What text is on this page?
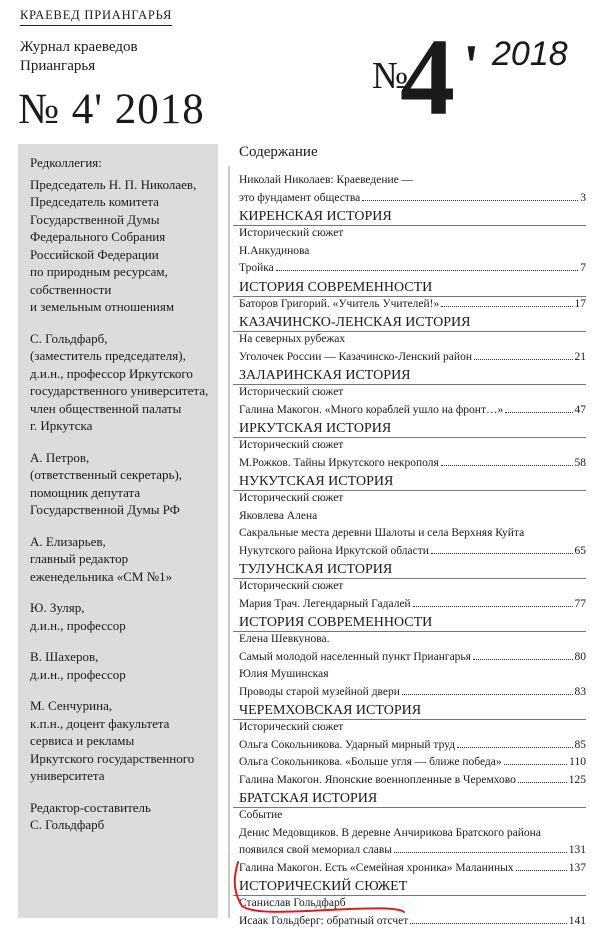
КРАЕВЕД ПРИАНГАРЬЯ
Журнал краеведов
Приангарья
№ 4' 2018
№
4 ' 2018
Редколлегия:
Председатель Н. П. Николаев,
Председатель комитета
Государственной Думы
Федерального Собрания
Российской Федерации
по природным ресурсам,
собственности
и земельным отношениям
С. Гольдфарб,
(заместитель председателя),
д.и.н., профессор Иркутского
государственного университета,
член общественной палаты
г. Иркутска
А. Петров,
(ответственный секретарь),
помощник депутата
Государственной Думы РФ
А. Елизарьев,
главный редактор
еженедельника «СМ №1»
Ю. Зуляр,
д.и.н., профессор
В. Шахеров,
д.и.н., профессор
М. Сенчурина,
к.п.н., доцент факультета
сервиса и рекламы
Иркутского государственного
университета
Редактор-составитель
С. Гольдфарб
Содержание
Николай Николаев: Краеведение —
это фундамент общества	3
КИРЕНСКАЯ ИСТОРИЯ
Исторический сюжет
Н.Анкудинова
Тройка	7
ИСТОРИЯ СОВРЕМЕННОСТИ
Баторов Григорий. «Учитель Учителей!»	17
КАЗАЧИНСКО-ЛЕНСКАЯ ИСТОРИЯ
На северных рубежах
Уголочек России — Казачинско-Ленский район	21
ЗАЛАРИНСКАЯ ИСТОРИЯ
Исторический сюжет
Галина Макогон. «Много кораблей ушло на фронт…»	47
ИРКУТСКАЯ ИСТОРИЯ
Исторический сюжет
М.Рожков. Тайны Иркутского некрополя	58
НУКУТСКАЯ ИСТОРИЯ
Исторический сюжет
Яковлева Алена
Сакральные места деревни Шалоты и села Верхняя Куйта
Нукутского района Иркутской области	65
ТУЛУНСКАЯ ИСТОРИЯ
Исторический сюжет
Мария Трач. Легендарный Гадалей	77
ИСТОРИЯ СОВРЕМЕННОСТИ
Елена Шевкунова.
Самый молодой населенный пункт Приангарья	80
Юлия Мушинская
Проводы старой музейной двери	83
ЧЕРЕМХОВСКАЯ ИСТОРИЯ
Исторический сюжет
Ольга Сокольникова. Ударный мирный труд	85
Ольга Сокольникова. «Больше угля — ближе победа»	110
Галина Макогон. Японские военнопленные в Черемхово	125
БРАТСКАЯ ИСТОРИЯ
Событие
Денис Медовщиков. В деревне Анчирикова Братского района
появился свой мемориал славы	131
Галина Макогон. Есть «Семейная хроника» Маланиных	137
ИСТОРИЧЕСКИЙ СЮЖЕТ
Станислав Гольдфарб
Исаак Гольдберг: обратный отсчет	141
